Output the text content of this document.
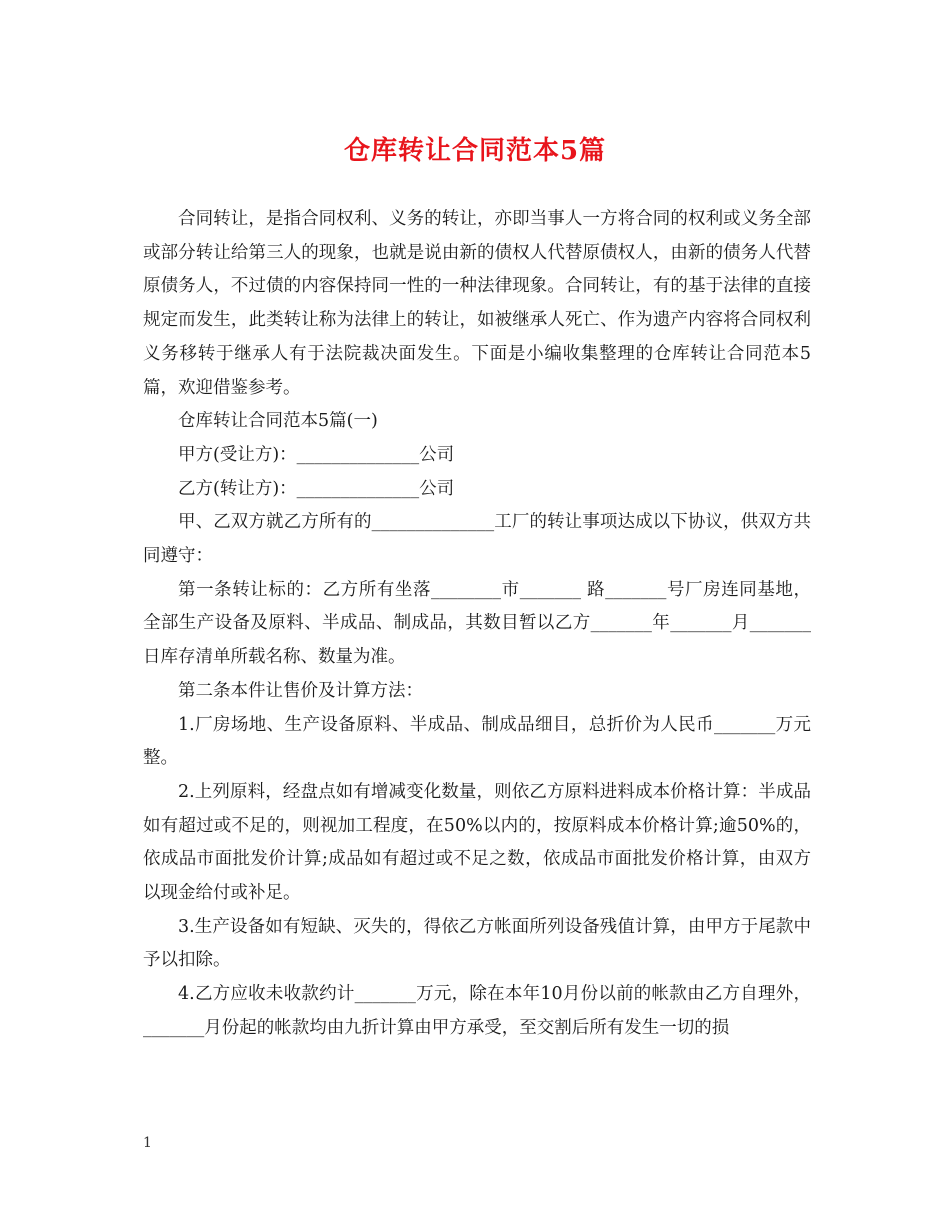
仓库转让合同范本5篇

合同转让，是指合同权利、义务的转让，亦即当事人一方将合同的权利或义务全部或部分转让给第三人的现象，也就是说由新的债权人代替原债权人，由新的债务人代替原债务人，不过债的内容保持同一性的一种法律现象。合同转让，有的基于法律的直接规定而发生，此类转让称为法律上的转让，如被继承人死亡、作为遗产内容将合同权利义务移转于继承人有于法院裁决面发生。下面是小编收集整理的仓库转让合同范本5篇，欢迎借鉴参考。

仓库转让合同范本5篇(一)

甲方(受让方)：______________公司

乙方(转让方)：______________公司

甲、乙双方就乙方所有的______________工厂的转让事项达成以下协议，供双方共同遵守：

第一条转让标的：乙方所有坐落________市_______ 路_______号厂房连同基地，全部生产设备及原料、半成品、制成品，其数目暂以乙方_______年_______月_______日库存清单所载名称、数量为准。

第二条本件让售价及计算方法：

1.厂房场地、生产设备原料、半成品、制成品细目，总折价为人民币_______万元整。

2.上列原料，经盘点如有增减变化数量，则依乙方原料进料成本价格计算：半成品如有超过或不足的，则视加工程度，在50%以内的，按原料成本价格计算;逾50%的，依成品市面批发价计算;成品如有超过或不足之数，依成品市面批发价格计算，由双方以现金给付或补足。

3.生产设备如有短缺、灭失的，得依乙方帐面所列设备残值计算，由甲方于尾款中予以扣除。

4.乙方应收未收款约计_______万元，除在本年10月份以前的帐款由乙方自理外，_______月份起的帐款均由九折计算由甲方承受，至交割后所有发生一切的损

1
